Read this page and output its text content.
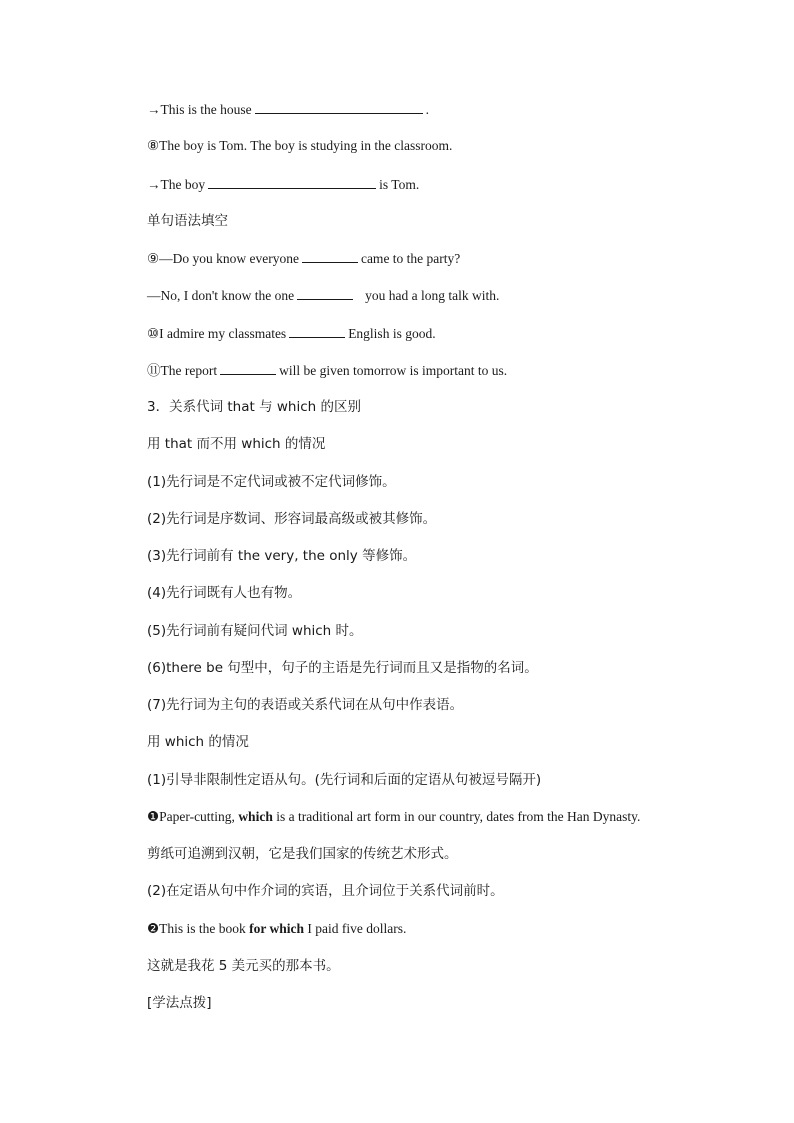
→This is the house	.
⑧The boy is Tom. The boy is studying in the classroom.
→The boy	is Tom.
单句语法填空
⑨—Do you know everyone	came to the party?
—No, I don't know the one	you had a long talk with.
⑩I admire my classmates	English is good.
⑪The report	will be given tomorrow is important to us.
3．关系代词 that 与 which 的区别
用 that 而不用 which 的情况
(1)先行词是不定代词或被不定代词修饰。
(2)先行词是序数词、形容词最高级或被其修饰。
(3)先行词前有 the very, the only 等修饰。
(4)先行词既有人也有物。
(5)先行词前有疑问代词 which 时。
(6)there be 句型中，句子的主语是先行词而且又是指物的名词。
(7)先行词为主句的表语或关系代词在从句中作表语。
用 which 的情况
(1)引导非限制性定语从句。(先行词和后面的定语从句被逗号隔开)
❶Paper-cutting, which is a traditional art form in our country, dates from the Han Dynasty.
剪纸可追溯到汉朝，它是我们国家的传统艺术形式。
(2)在定语从句中作介词的宾语，且介词位于关系代词前时。
❷This is the book for which I paid five dollars.
这就是我花 5 美元买的那本书。
[学法点拨]
